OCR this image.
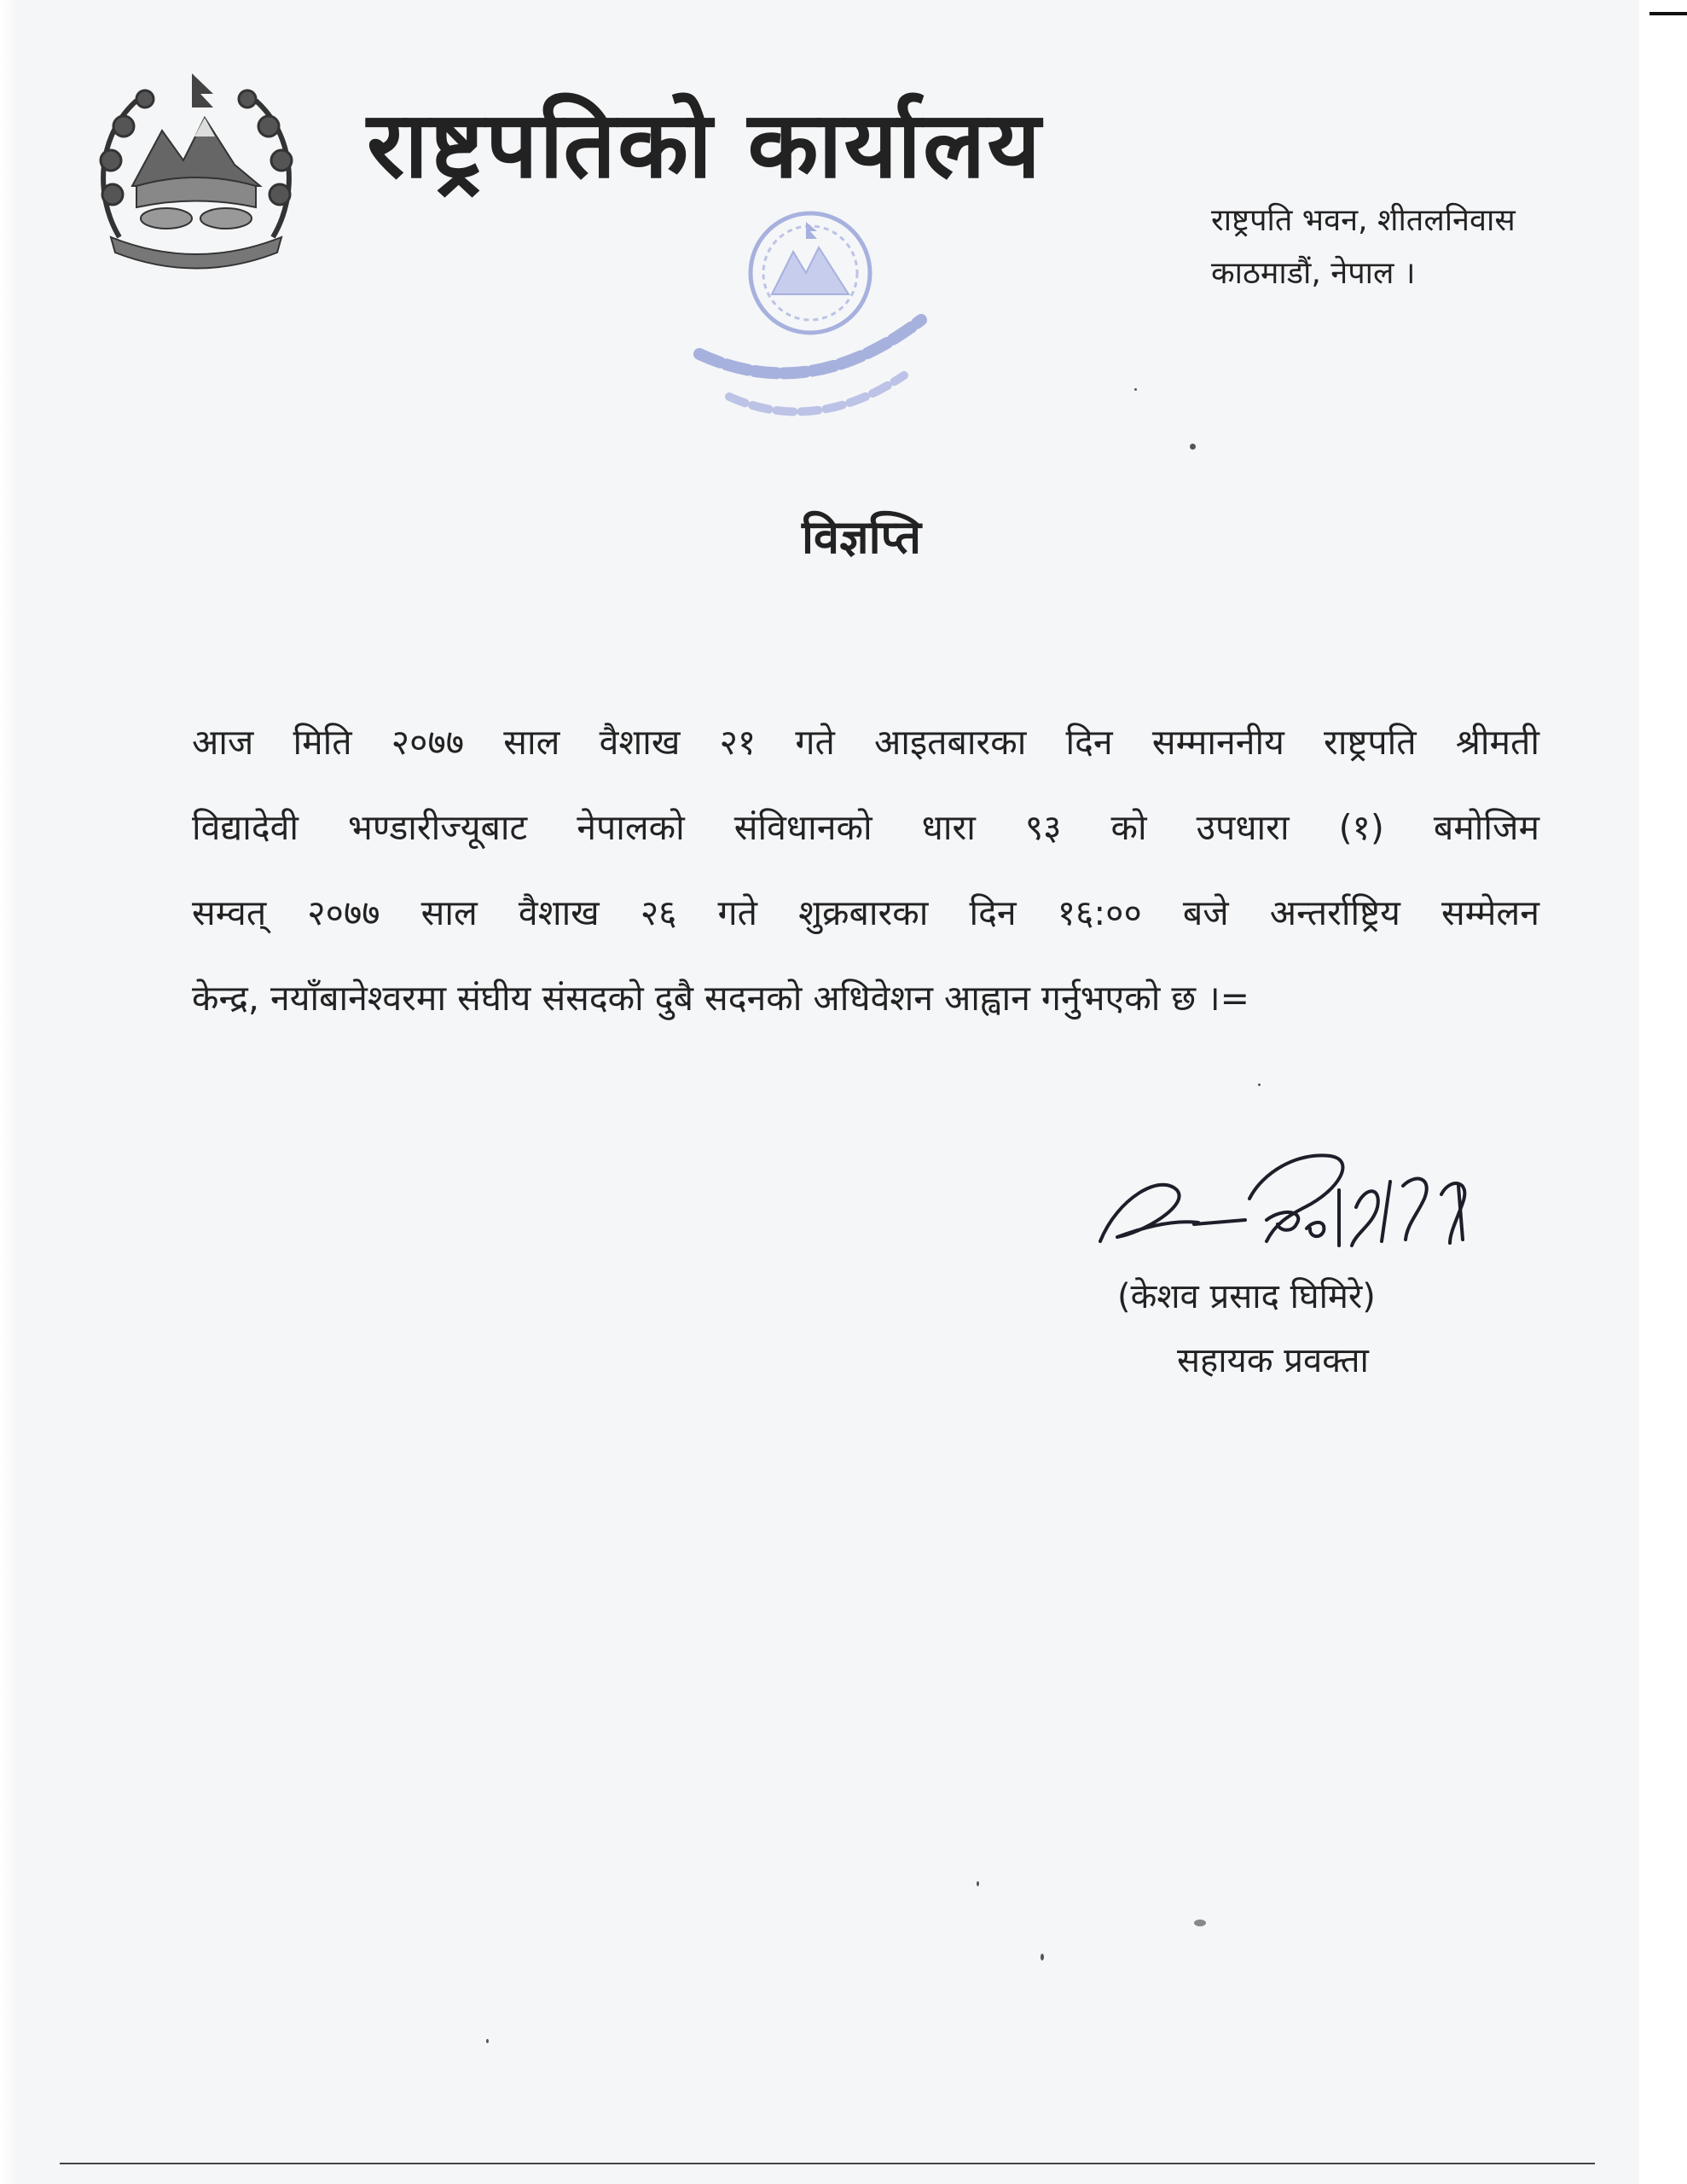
राष्ट्रपतिको कार्यालय
राष्ट्रपति भवन, शीतलनिवास
काठमाडौं, नेपाल ।
विज्ञप्ति
आज मिति २०७७ साल वैशाख २१ गते आइतबारका दिन सम्माननीय राष्ट्रपति श्रीमती
विद्यादेवी भण्डारीज्यूबाट नेपालको संविधानको धारा ९३ को उपधारा (१) बमोजिम
सम्वत् २०७७ साल वैशाख २६ गते शुक्रबारका दिन १६:०० बजे अन्तर्राष्ट्रिय सम्मेलन
केन्द्र, नयाँबानेश्वरमा संघीय संसदको दुबै सदनको अधिवेशन आह्वान गर्नुभएको छ ।=
(केशव प्रसाद घिमिरे)
सहायक प्रवक्ता
